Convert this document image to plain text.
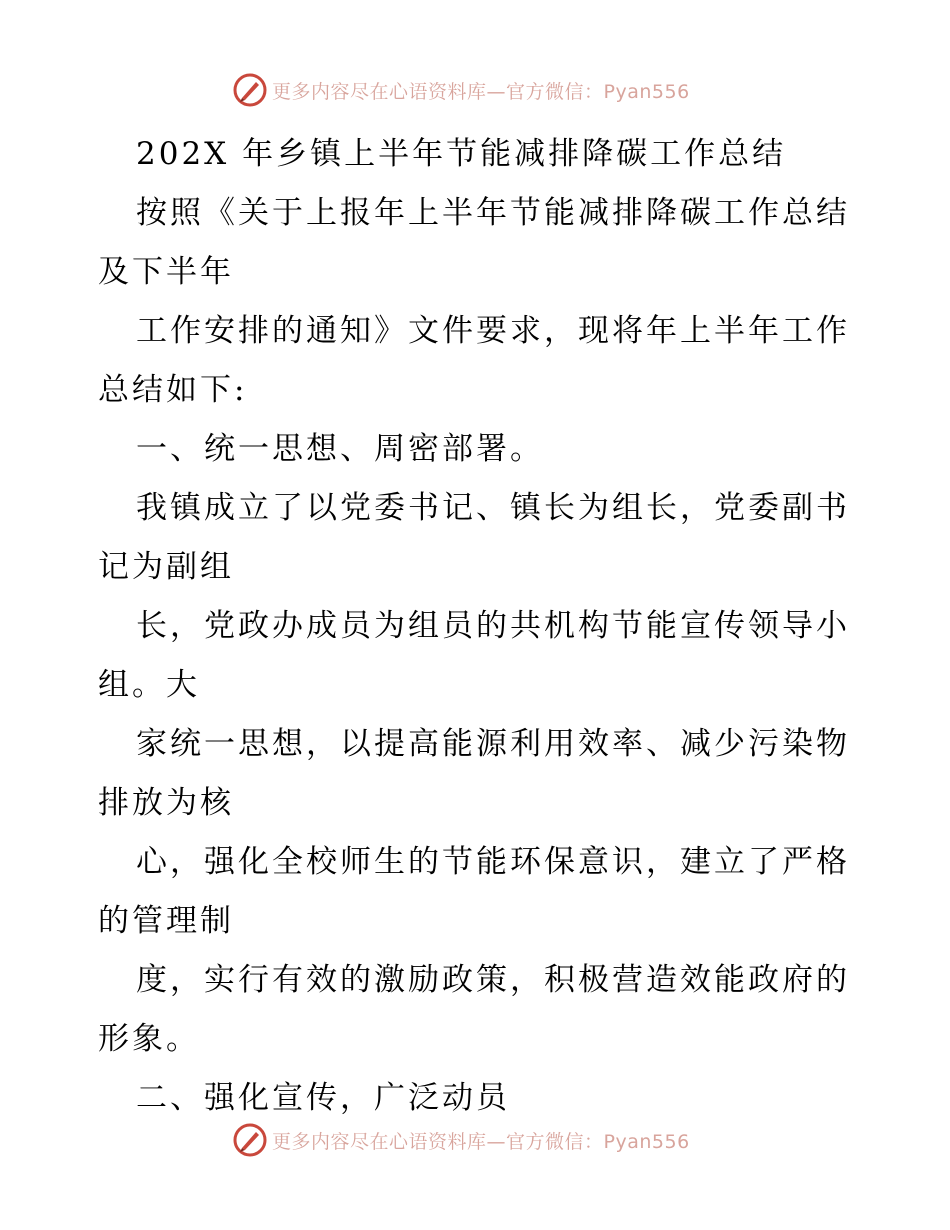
更多内容尽在心语资料库—官方微信：Pyan556
202X 年乡镇上半年节能减排降碳工作总结
按照《关于上报年上半年节能减排降碳工作总结
及下半年
工作安排的通知》文件要求，现将年上半年工作
总结如下:
一、统一思想、周密部署。
我镇成立了以党委书记、镇长为组长，党委副书
记为副组
长，党政办成员为组员的共机构节能宣传领导小
组。大
家统一思想，以提高能源利用效率、减少污染物
排放为核
心，强化全校师生的节能环保意识，建立了严格
的管理制
度，实行有效的激励政策，积极营造效能政府的
形象。
二、强化宣传，广泛动员
更多内容尽在心语资料库—官方微信：Pyan556
